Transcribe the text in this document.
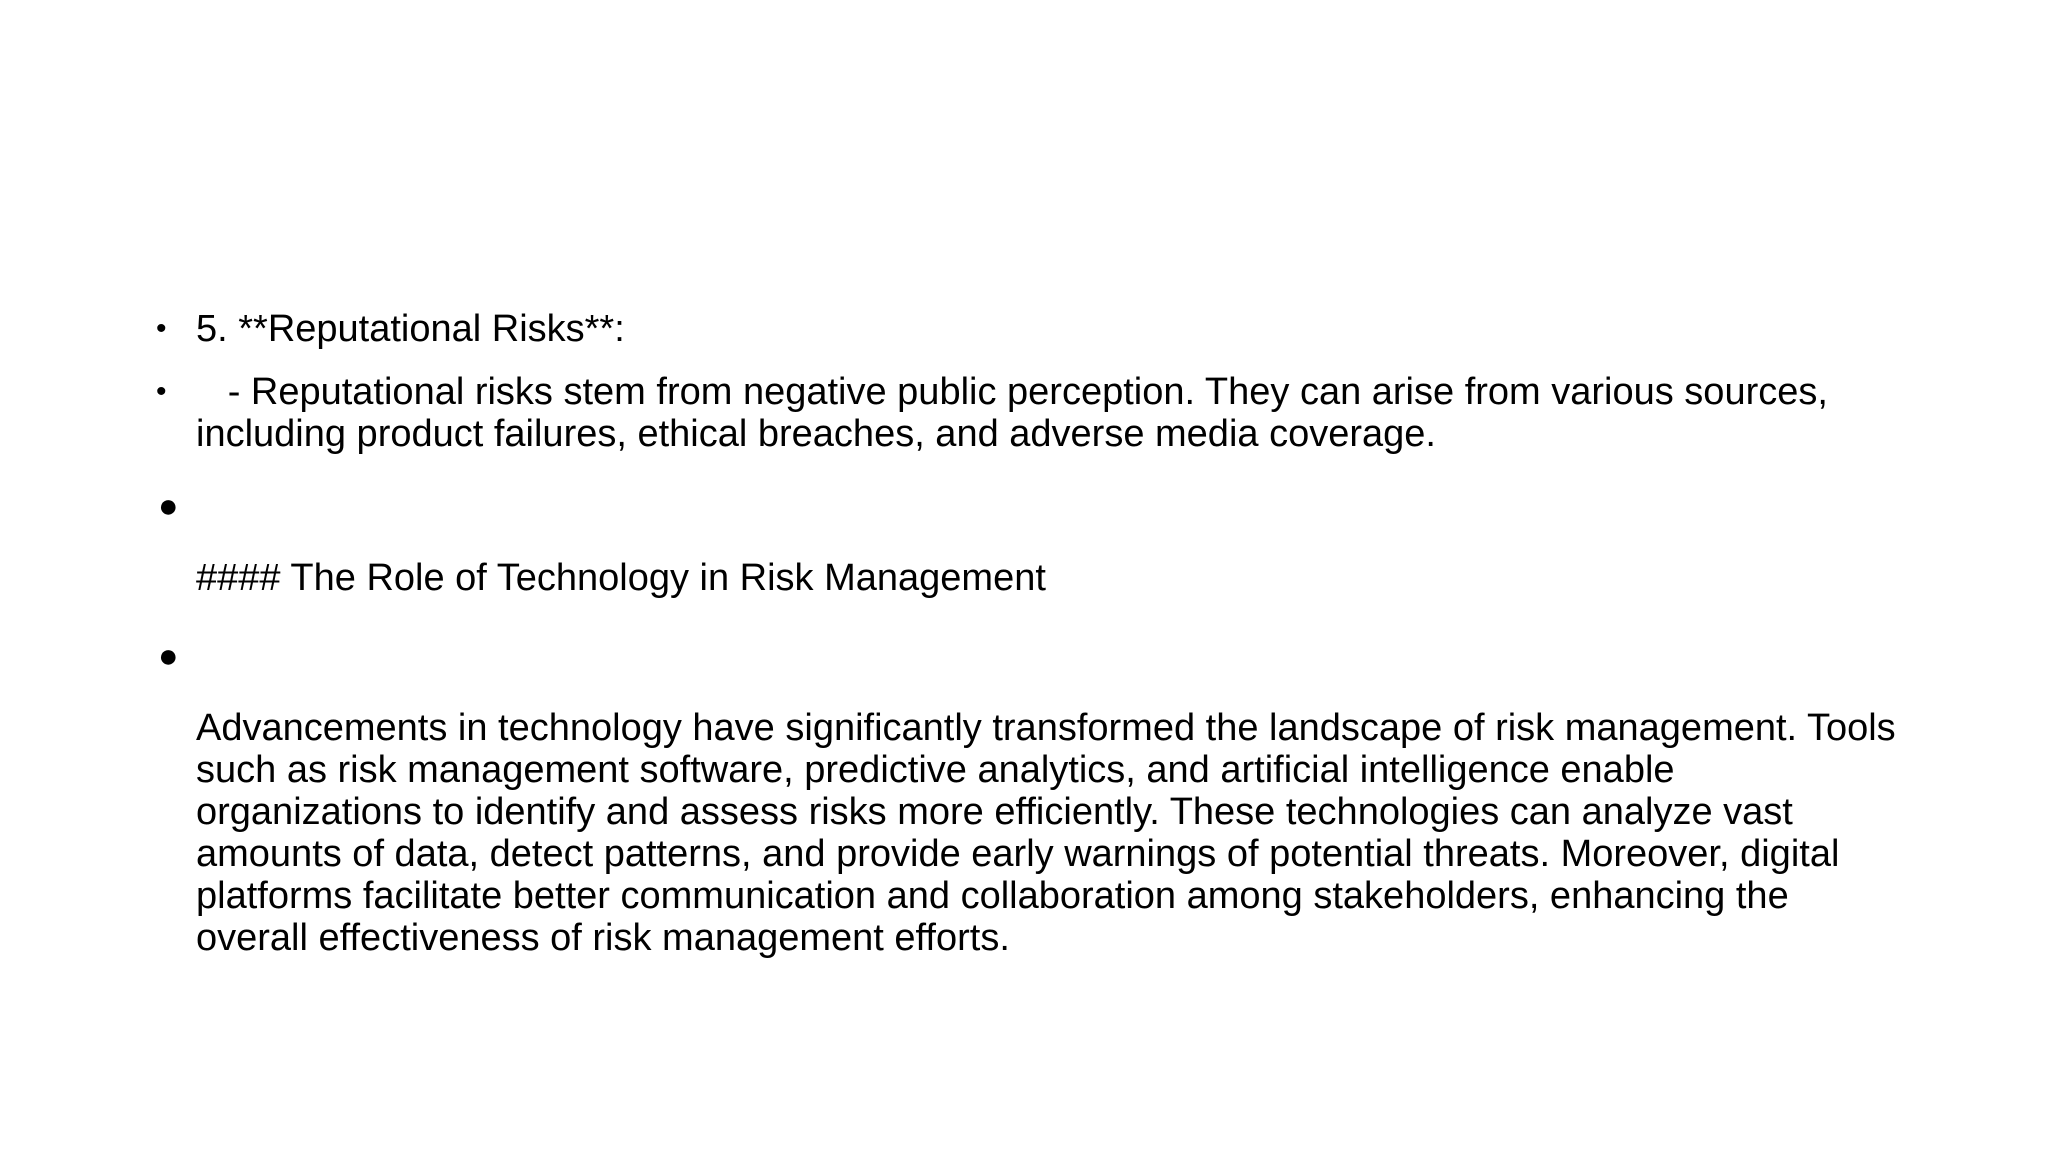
• 5. **Reputational Risks**:
• - Reputational risks stem from negative public perception. They can arise from various sources, including product failures, ethical breaches, and adverse media coverage.
●
#### The Role of Technology in Risk Management
●
Advancements in technology have significantly transformed the landscape of risk management. Tools such as risk management software, predictive analytics, and artificial intelligence enable organizations to identify and assess risks more efficiently. These technologies can analyze vast amounts of data, detect patterns, and provide early warnings of potential threats. Moreover, digital platforms facilitate better communication and collaboration among stakeholders, enhancing the overall effectiveness of risk management efforts.
